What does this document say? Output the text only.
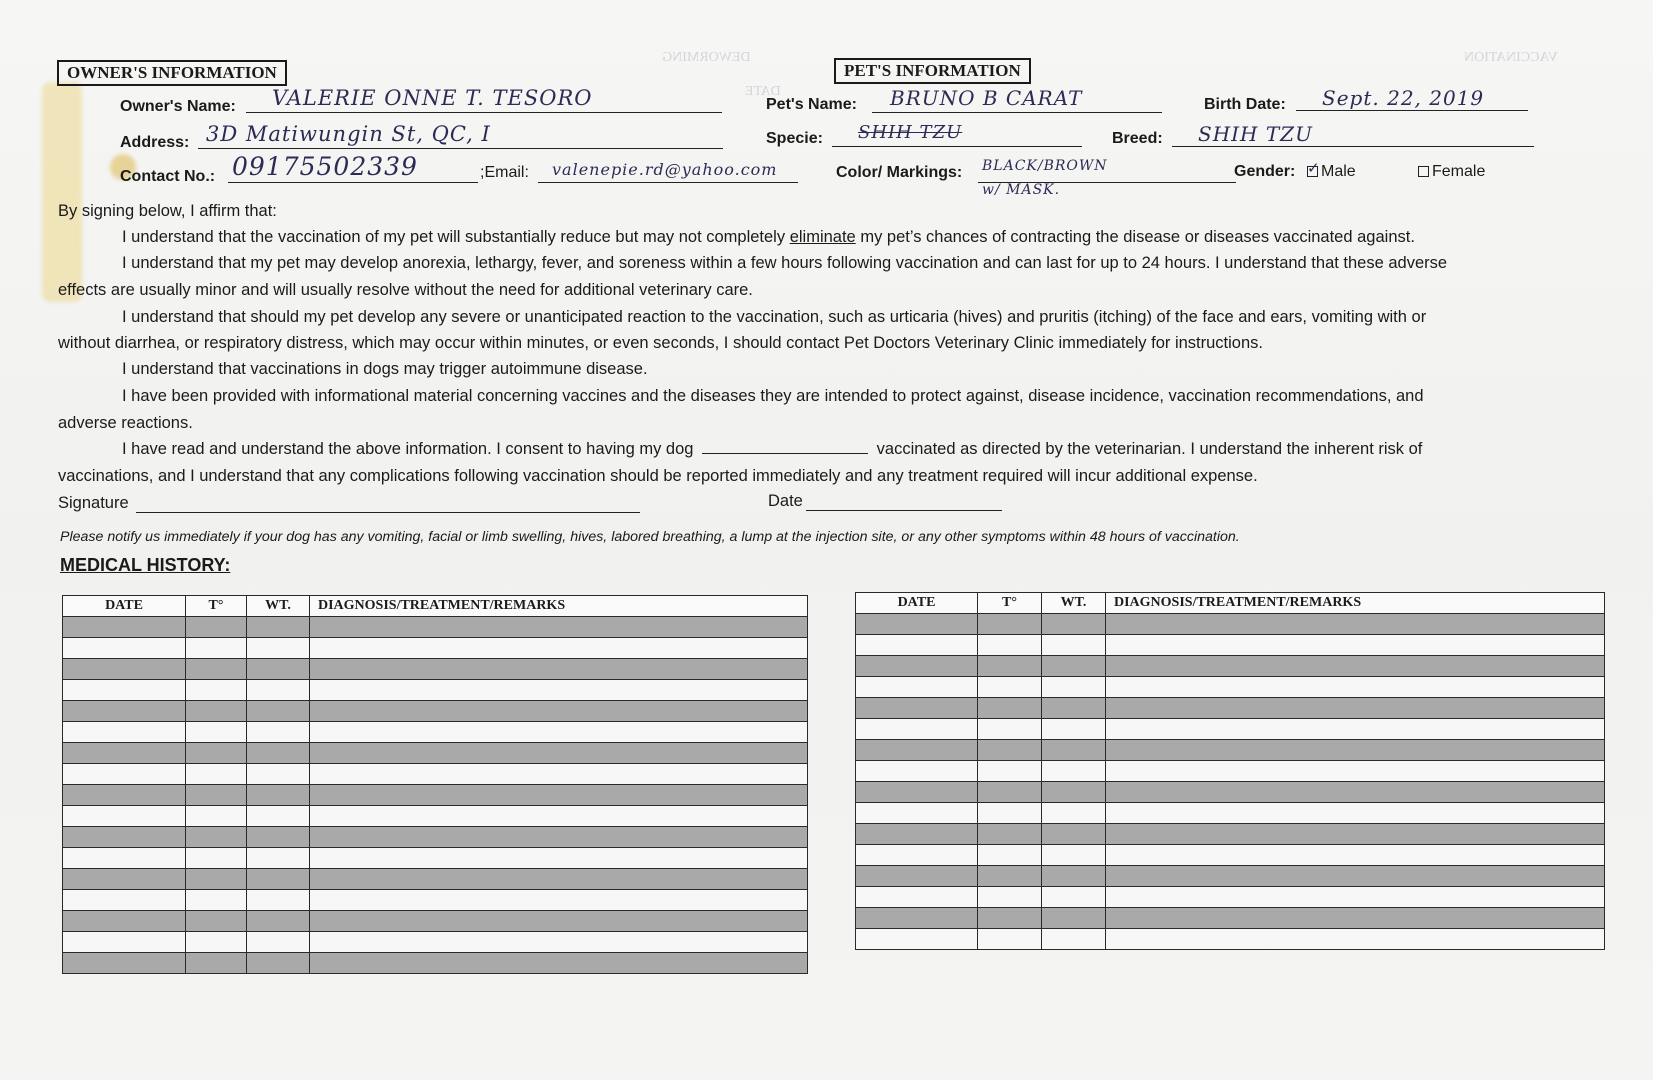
DEWORMING	VACCINATION
DATE
OWNER'S INFORMATION
Owner's Name: VALERIE ONNE T. TESORO
Address: 3D Matiwungin St, QC, I
Contact No.: 09175502339	;Email: valenepie.rd@yahoo.com
PET'S INFORMATION
Pet's Name: BRUNO B CARAT	Birth Date: Sept. 22, 2019
Specie: SHIH TZU	Breed: SHIH TZU
Color/ Markings: BLACK/BROWN
w/ MASK.
Gender: ✓ Male	Female
By signing below, I affirm that:
I understand that the vaccination of my pet will substantially reduce but may not completely eliminate my pet’s chances of contracting the disease or diseases vaccinated against.
I understand that my pet may develop anorexia, lethargy, fever, and soreness within a few hours following vaccination and can last for up to 24 hours. I understand that these adverse
effects are usually minor and will usually resolve without the need for additional veterinary care.
I understand that should my pet develop any severe or unanticipated reaction to the vaccination, such as urticaria (hives) and pruritis (itching) of the face and ears, vomiting with or
without diarrhea, or respiratory distress, which may occur within minutes, or even seconds, I should contact Pet Doctors Veterinary Clinic immediately for instructions.
I understand that vaccinations in dogs may trigger autoimmune disease.
I have been provided with informational material concerning vaccines and the diseases they are intended to protect against, disease incidence, vaccination recommendations, and
adverse reactions.
I have read and understand the above information. I consent to having my dog	vaccinated as directed by the veterinarian. I understand the inherent risk of
vaccinations, and I understand that any complications following vaccination should be reported immediately and any treatment required will incur additional expense.
Signature	Date
Please notify us immediately if your dog has any vomiting, facial or limb swelling, hives, labored breathing, a lump at the injection site, or any other symptoms within 48 hours of vaccination.
MEDICAL HISTORY:
DATE	T°	WT.	DIAGNOSIS/TREATMENT/REMARKS

				DATE	T°	WT.	DIAGNOSIS/TREATMENT/REMARKS
